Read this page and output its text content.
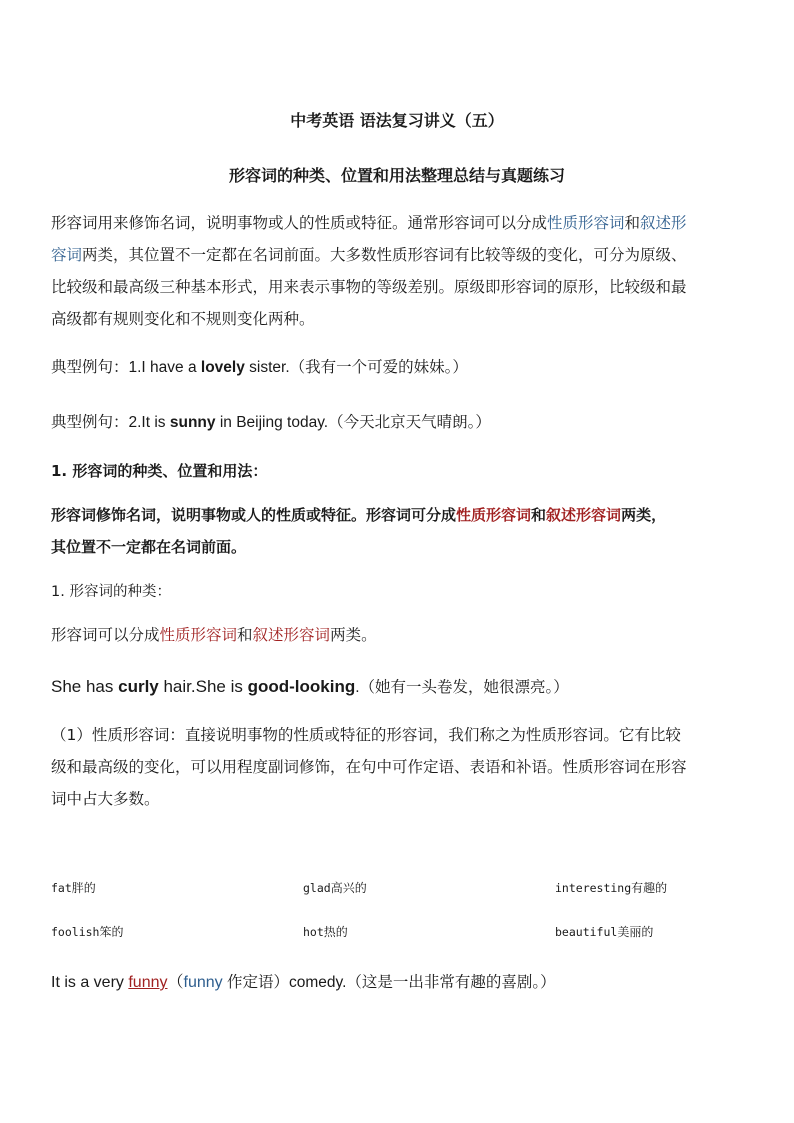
中考英语 语法复习讲义（五）
形容词的种类、位置和用法整理总结与真题练习
形容词用来修饰名词，说明事物或人的性质或特征。通常形容词可以分成性质形容词和叙述形
容词两类，其位置不一定都在名词前面。大多数性质形容词有比较等级的变化，可分为原级、
比较级和最高级三种基本形式，用来表示事物的等级差别。原级即形容词的原形，比较级和最
高级都有规则变化和不规则变化两种。
典型例句：1.I have a lovely sister.（我有一个可爱的妹妹。）
典型例句：2.It is sunny in Beijing today.（今天北京天气晴朗。）
1. 形容词的种类、位置和用法：
形容词修饰名词，说明事物或人的性质或特征。形容词可分成性质形容词和叙述形容词两类，
其位置不一定都在名词前面。
1. 形容词的种类：
形容词可以分成性质形容词和叙述形容词两类。
She has curly hair.She is good-looking.（她有一头卷发，她很漂亮。）
（1）性质形容词：直接说明事物的性质或特征的形容词，我们称之为性质形容词。它有比较
级和最高级的变化，可以用程度副词修饰，在句中可作定语、表语和补语。性质形容词在形容
词中占大多数。
fat胖的	glad高兴的	interesting有趣的
foolish笨的	hot热的	beautiful美丽的
It is a very funny（funny 作定语）comedy.（这是一出非常有趣的喜剧。）
